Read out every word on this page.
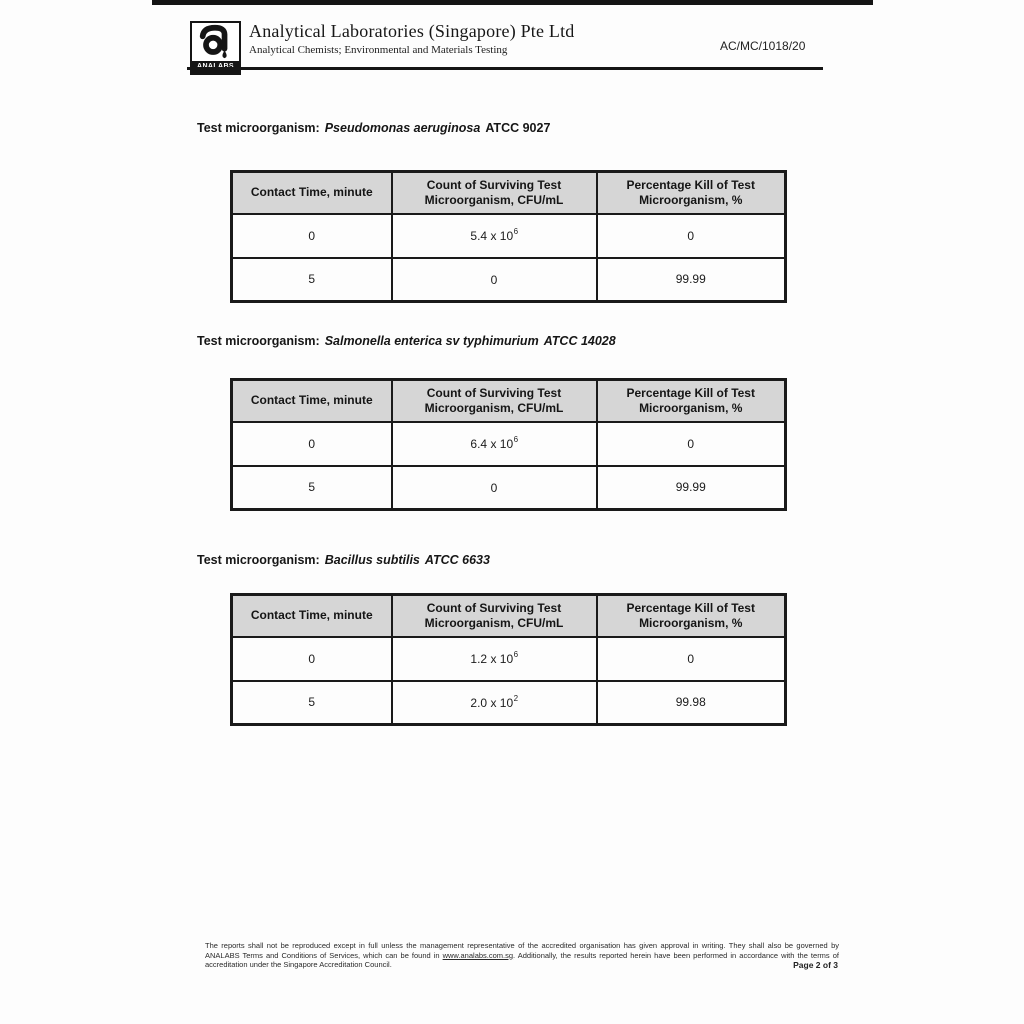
Analytical Laboratories (Singapore) Pte Ltd
Analytical Chemists; Environmental and Materials Testing	AC/MC/1018/20
Test microorganism: Pseudomonas aeruginosa ATCC 9027
Contact Time, minute	Count of Surviving Test Microorganism, CFU/mL	Percentage Kill of Test Microorganism, %
0	5.4 x $10^6$	0
5	0	99.99
Test microorganism: Salmonella enterica sv typhimurium ATCC 14028
Contact Time, minute	Count of Surviving Test Microorganism, CFU/mL	Percentage Kill of Test Microorganism, %
0	6.4 x $10^6$	0
5	0	99.99
Test microorganism: Bacillus subtilis ATCC 6633
Contact Time, minute	Count of Surviving Test Microorganism, CFU/mL	Percentage Kill of Test Microorganism, %
0	1.2 x $10^6$	0
5	2.0 x $10^2$	99.98
The reports shall not be reproduced except in full unless the management representative of the accredited organisation has given approval in writing. They shall also be governed by ANALABS Terms and Conditions of Services, which can be found in www.analabs.com.sg. Additionally, the results reported herein have been performed in accordance with the terms of accreditation under the Singapore Accreditation Council.	Page 2 of 3
